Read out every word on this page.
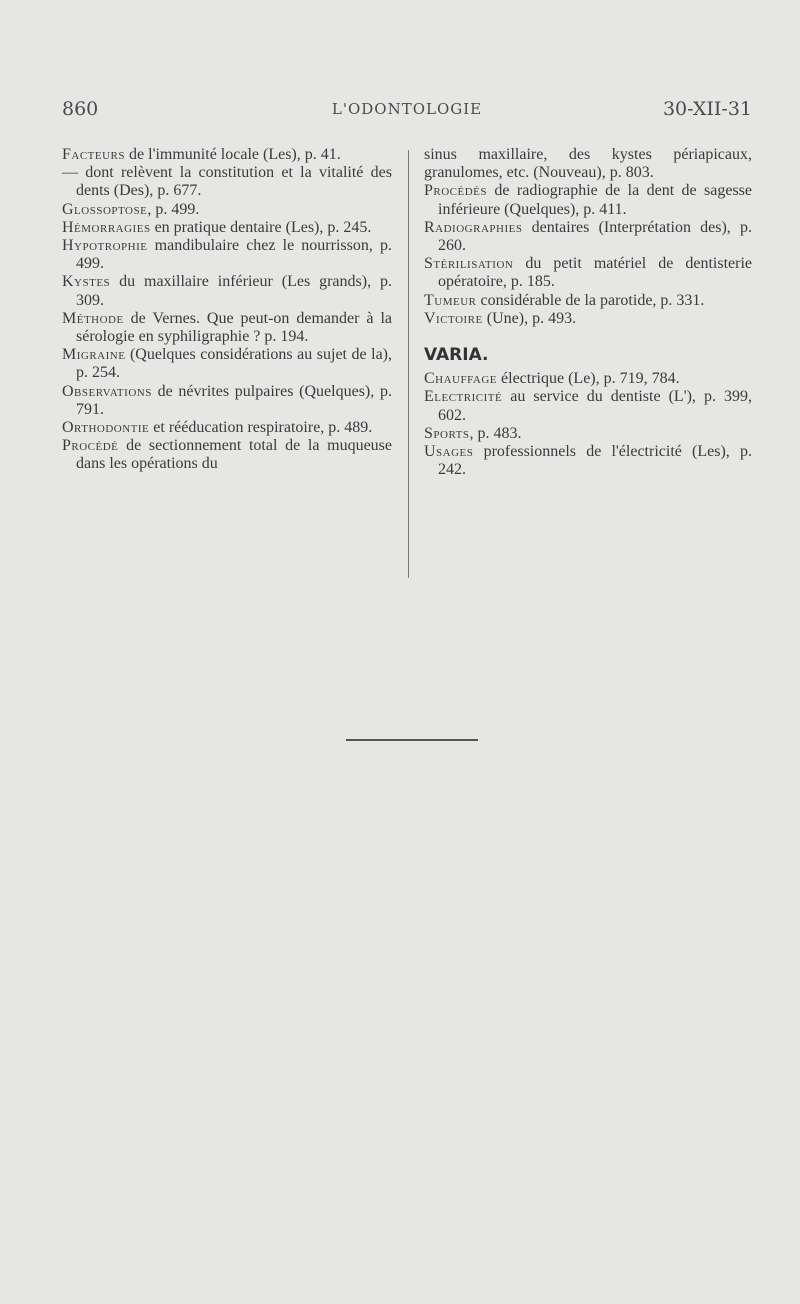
860	L'ODONTOLOGIE	30-XII-31

Facteurs de l'immunité locale (Les), p. 41.

— dont relèvent la constitution et la vitalité des dents (Des), p. 677.

Glossoptose, p. 499.

Hémorragies en pratique dentaire (Les), p. 245.

Hypotrophie mandibulaire chez le nourrisson, p. 499.

Kystes du maxillaire inférieur (Les grands), p. 309.

Méthode de Vernes. Que peut-on demander à la sérologie en syphiligraphie ? p. 194.

Migraine (Quelques considérations au sujet de la), p. 254.

Observations de névrites pulpaires (Quelques), p. 791.

Orthodontie et rééducation respiratoire, p. 489.

Procédé de sectionnement total de la muqueuse dans les opérations du

sinus maxillaire, des kystes périapicaux, granulomes, etc. (Nouveau), p. 803.

Procédés de radiographie de la dent de sagesse inférieure (Quelques), p. 411.

Radiographies dentaires (Interprétation des), p. 260.

Stérilisation du petit matériel de dentisterie opératoire, p. 185.

Tumeur considérable de la parotide, p. 331.

Victoire (Une), p. 493.

VARIA.

Chauffage électrique (Le), p. 719, 784.

Electricité au service du dentiste (L'), p. 399, 602.

Sports, p. 483.

Usages professionnels de l'électricité (Les), p. 242.
